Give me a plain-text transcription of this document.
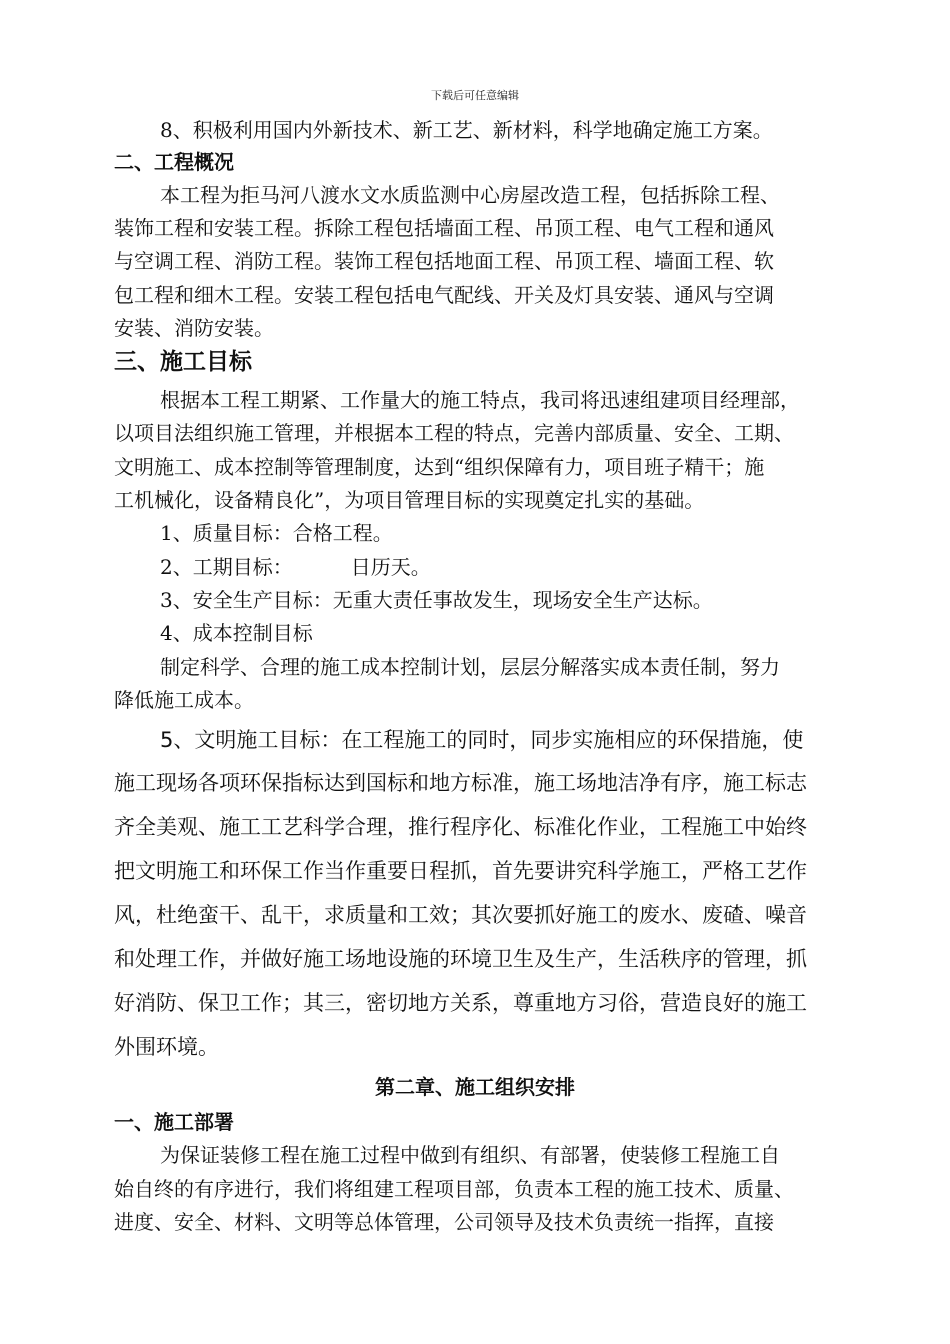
下载后可任意编辑
8、积极利用国内外新技术、新工艺、新材料，科学地确定施工方案。
二、工程概况
本工程为拒马河八渡水文水质监测中心房屋改造工程，包括拆除工程、
装饰工程和安装工程。拆除工程包括墙面工程、吊顶工程、电气工程和通风
与空调工程、消防工程。装饰工程包括地面工程、吊顶工程、墙面工程、软
包工程和细木工程。安装工程包括电气配线、开关及灯具安装、通风与空调
安装、消防安装。
三、施工目标
根据本工程工期紧、工作量大的施工特点，我司将迅速组建项目经理部，
以项目法组织施工管理，并根据本工程的特点，完善内部质量、安全、工期、
文明施工、成本控制等管理制度，达到“组织保障有力，项目班子精干；施
工机械化，设备精良化”，为项目管理目标的实现奠定扎实的基础。
1、质量目标：合格工程。
2、工期目标：	日历天。
3、安全生产目标：无重大责任事故发生，现场安全生产达标。
4、成本控制目标
制定科学、合理的施工成本控制计划，层层分解落实成本责任制，努力
降低施工成本。
5、文明施工目标：在工程施工的同时，同步实施相应的环保措施，使
施工现场各项环保指标达到国标和地方标准，施工场地洁净有序，施工标志
齐全美观、施工工艺科学合理，推行程序化、标准化作业，工程施工中始终
把文明施工和环保工作当作重要日程抓，首先要讲究科学施工，严格工艺作
风，杜绝蛮干、乱干，求质量和工效；其次要抓好施工的废水、废碴、噪音
和处理工作，并做好施工场地设施的环境卫生及生产，生活秩序的管理，抓
好消防、保卫工作；其三，密切地方关系，尊重地方习俗，营造良好的施工
外围环境。
第二章、施工组织安排
一、施工部署
为保证装修工程在施工过程中做到有组织、有部署，使装修工程施工自
始自终的有序进行，我们将组建工程项目部，负责本工程的施工技术、质量、
进度、安全、材料、文明等总体管理，公司领导及技术负责统一指挥，直接
